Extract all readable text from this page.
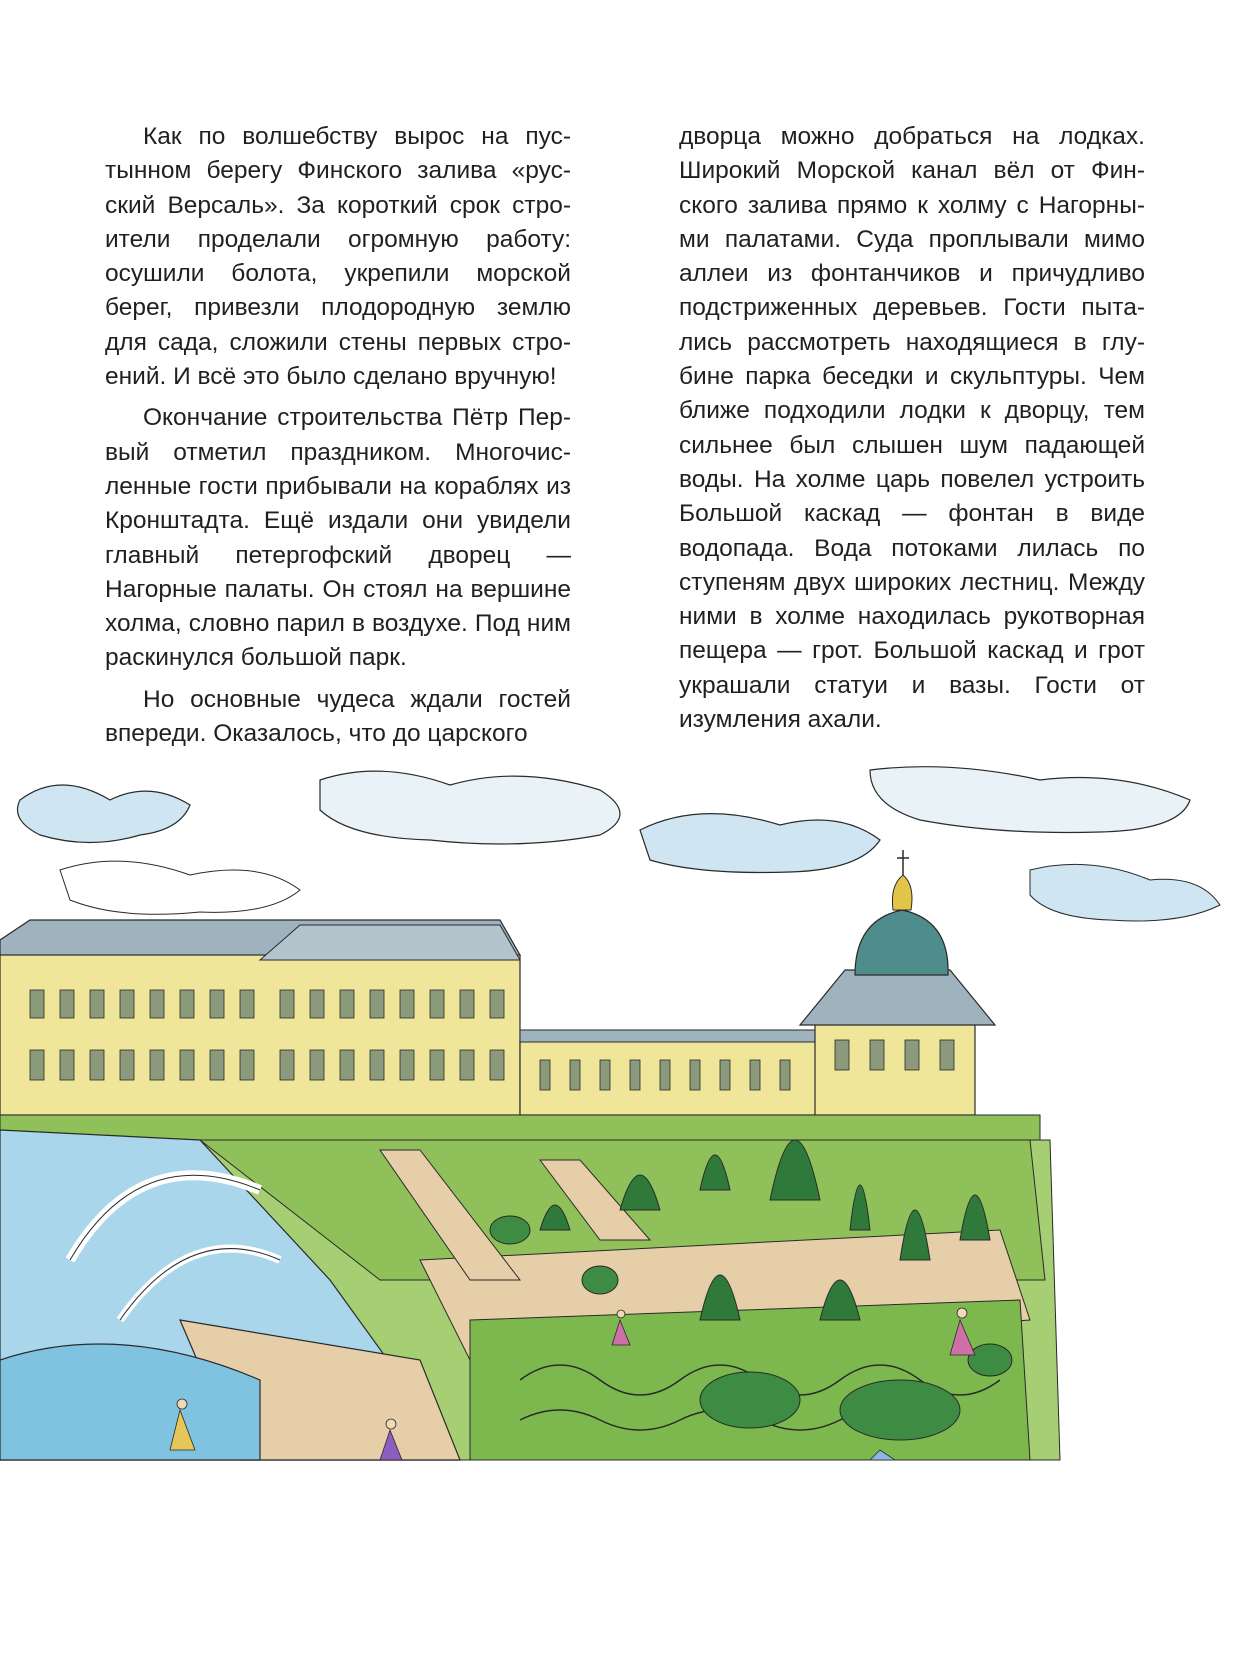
Как по волшебству вырос на пустынном берегу Финского залива «русский Версаль». За короткий срок строители проделали огромную работу: осушили болота, укрепили морской берег, привезли плодородную землю для сада, сложили стены первых строений. И всё это было сделано вручную!

Окончание строительства Пётр Первый отметил праздником. Многочисленные гости прибывали на кораблях из Кронштадта. Ещё издали они увидели главный петергофский дворец — Нагорные палаты. Он стоял на вершине холма, словно парил в воздухе. Под ним раскинулся большой парк.

Но основные чудеса ждали гостей впереди. Оказалось, что до царского

дворца можно добраться на лодках. Широкий Морской канал вёл от Финского залива прямо к холму с Нагорными палатами. Суда проплывали мимо аллеи из фонтанчиков и причудливо подстриженных деревьев. Гости пытались рассмотреть находящиеся в глубине парка беседки и скульптуры. Чем ближе подходили лодки к дворцу, тем сильнее был слышен шум падающей воды. На холме царь повелел устроить Большой каскад — фонтан в виде водопада. Вода потоками лилась по ступеням двух широких лестниц. Между ними в холме находилась рукотворная пещера — грот. Большой каскад и грот украшали статуи и вазы. Гости от изумления ахали.
